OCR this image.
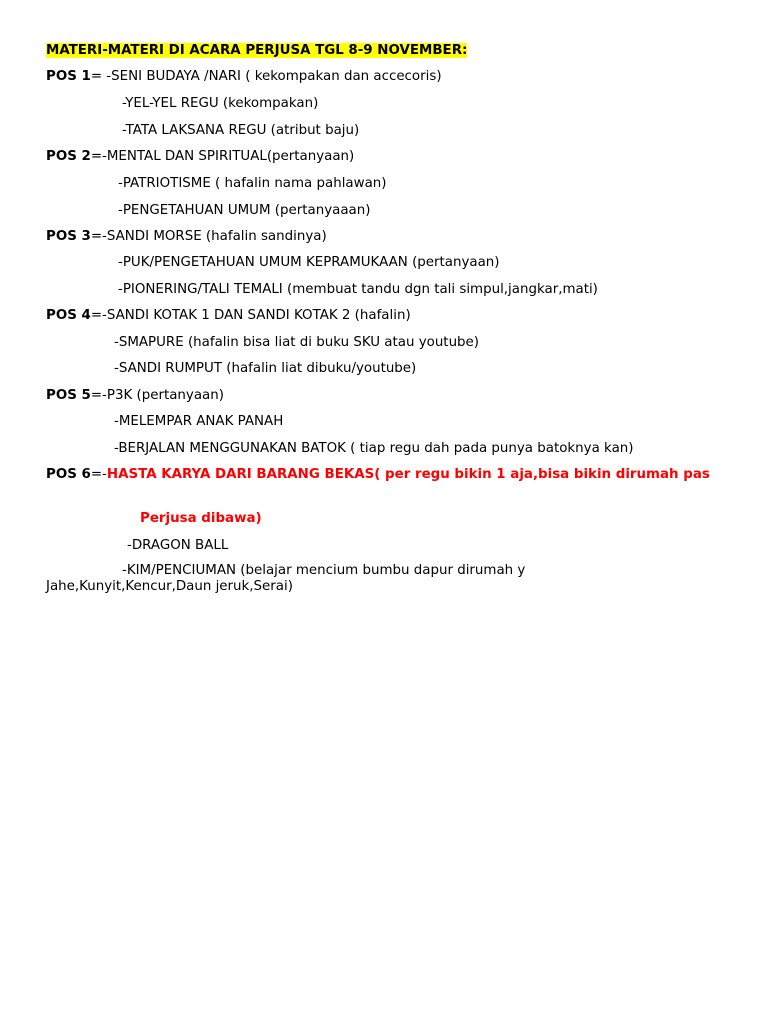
MATERI-MATERI DI ACARA PERJUSA TGL 8-9 NOVEMBER:
POS 1= -SENI BUDAYA /NARI ( kekompakan dan accecoris)
-YEL-YEL REGU (kekompakan)
-TATA LAKSANA REGU (atribut baju)
POS 2=-MENTAL DAN SPIRITUAL(pertanyaan)
-PATRIOTISME ( hafalin nama pahlawan)
-PENGETAHUAN UMUM (pertanyaaan)
POS 3=-SANDI MORSE (hafalin sandinya)
-PUK/PENGETAHUAN UMUM KEPRAMUKAAN (pertanyaan)
-PIONERING/TALI TEMALI (membuat tandu dgn tali simpul,jangkar,mati)
POS 4=-SANDI KOTAK 1 DAN SANDI KOTAK 2 (hafalin)
-SMAPURE (hafalin bisa liat di buku SKU atau youtube)
-SANDI RUMPUT (hafalin liat dibuku/youtube)
POS 5=-P3K (pertanyaan)
-MELEMPAR ANAK PANAH
-BERJALAN MENGGUNAKAN BATOK ( tiap regu dah pada punya batoknya kan)
POS 6=-HASTA KARYA DARI BARANG BEKAS( per regu bikin 1 aja,bisa bikin dirumah pas
Perjusa dibawa)
-DRAGON BALL
-KIM/PENCIUMAN (belajar mencium bumbu dapur dirumah y Jahe,Kunyit,Kencur,Daun jeruk,Serai)
